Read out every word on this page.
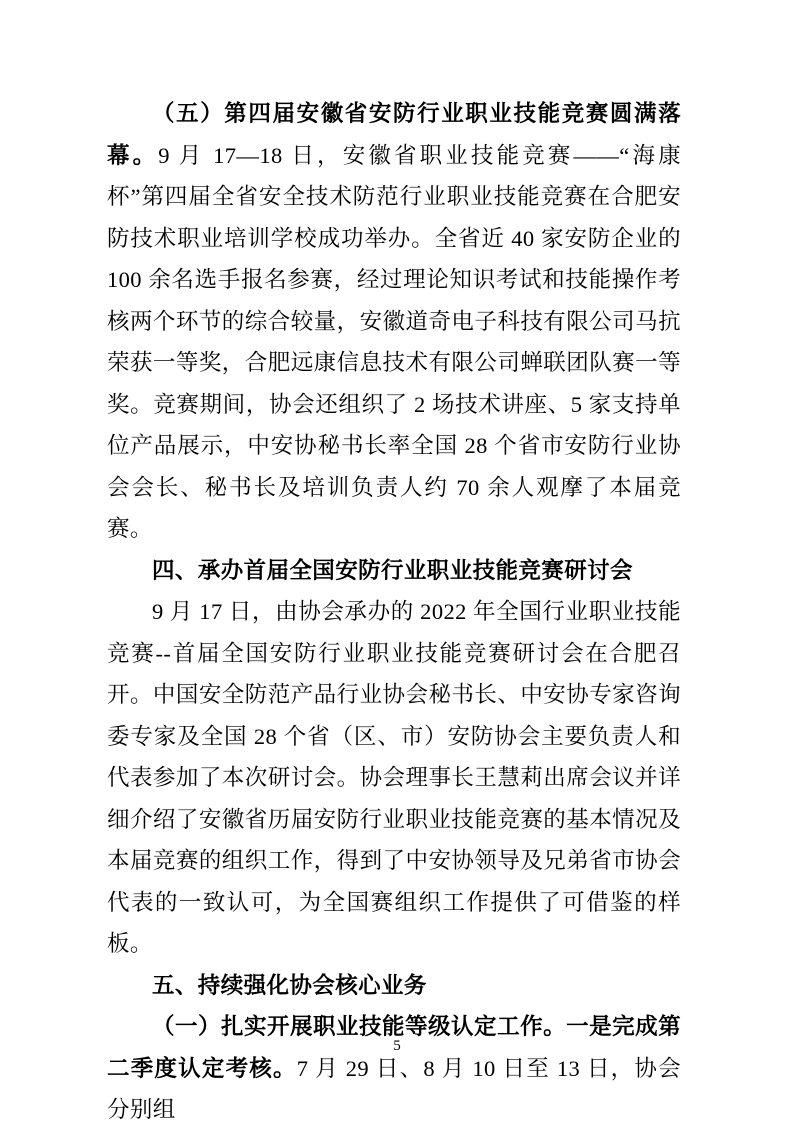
（五）第四届安徽省安防行业职业技能竞赛圆满落幕。9 月 17—18 日，安徽省职业技能竞赛——“海康杯”第四届全省安全技术防范行业职业技能竞赛在合肥安防技术职业培训学校成功举办。全省近 40 家安防企业的 100 余名选手报名参赛，经过理论知识考试和技能操作考核两个环节的综合较量，安徽道奇电子科技有限公司马抗荣获一等奖，合肥远康信息技术有限公司蝉联团队赛一等奖。竞赛期间，协会还组织了 2 场技术讲座、5 家支持单位产品展示，中安协秘书长率全国 28 个省市安防行业协会会长、秘书长及培训负责人约 70 余人观摩了本届竞赛。

四、承办首届全国安防行业职业技能竞赛研讨会

9 月 17 日，由协会承办的 2022 年全国行业职业技能竞赛--首届全国安防行业职业技能竞赛研讨会在合肥召开。中国安全防范产品行业协会秘书长、中安协专家咨询委专家及全国 28 个省（区、市）安防协会主要负责人和代表参加了本次研讨会。协会理事长王慧莉出席会议并详细介绍了安徽省历届安防行业职业技能竞赛的基本情况及本届竞赛的组织工作，得到了中安协领导及兄弟省市协会代表的一致认可，为全国赛组织工作提供了可借鉴的样板。

五、持续强化协会核心业务

（一）扎实开展职业技能等级认定工作。一是完成第二季度认定考核。7 月 29 日、8 月 10 日至 13 日，协会分别组

5
